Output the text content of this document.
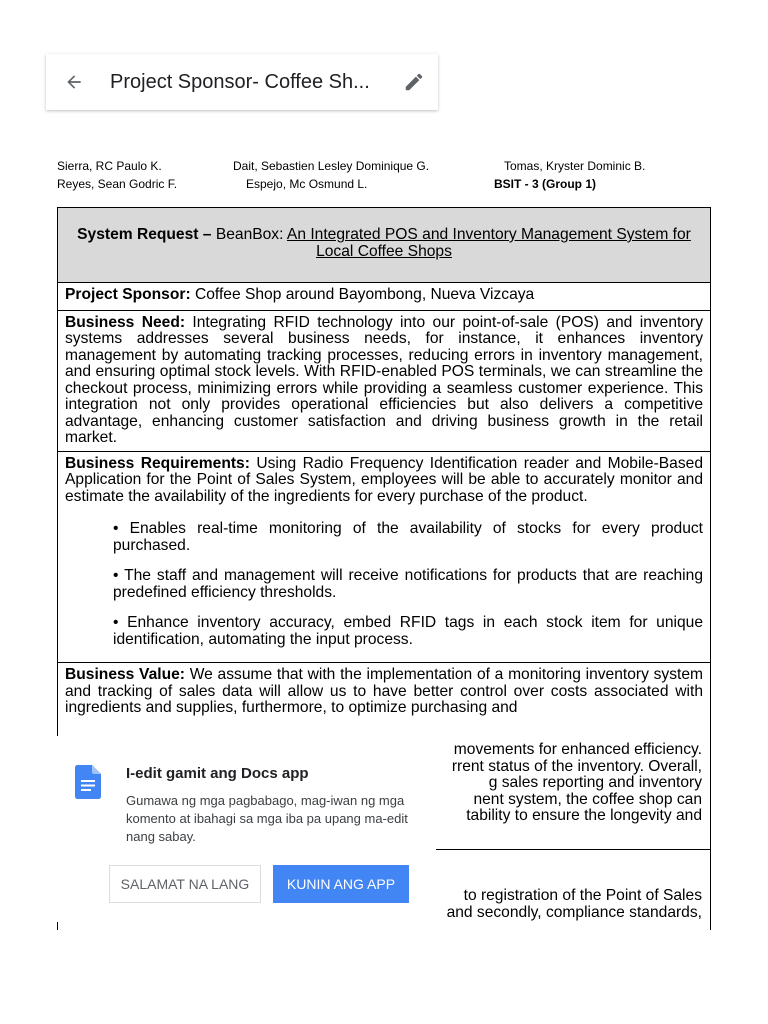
Project Sponsor- Coffee Sh...
Sierra, RC Paulo K.	Dait, Sebastien Lesley Dominique G.	Tomas, Kryster Dominic B.
Reyes, Sean Godric F.	Espejo, Mc Osmund L.	BSIT - 3 (Group 1)
System Request – BeanBox: An Integrated POS and Inventory Management System for Local Coffee Shops
Project Sponsor: Coffee Shop around Bayombong, Nueva Vizcaya
Business Need: Integrating RFID technology into our point-of-sale (POS) and inventory systems addresses several business needs, for instance, it enhances inventory management by automating tracking processes, reducing errors in inventory management, and ensuring optimal stock levels. With RFID-enabled POS terminals, we can streamline the checkout process, minimizing errors while providing a seamless customer experience. This integration not only provides operational efficiencies but also delivers a competitive advantage, enhancing customer satisfaction and driving business growth in the retail market.
Business Requirements: Using Radio Frequency Identification reader and Mobile-Based Application for the Point of Sales System, employees will be able to accurately monitor and estimate the availability of the ingredients for every purchase of the product.

• Enables real-time monitoring of the availability of stocks for every product purchased.

• The staff and management will receive notifications for products that are reaching predefined efficiency thresholds.

• Enhance inventory accuracy, embed RFID tags in each stock item for unique identification, automating the input process.

Business Value: We assume that with the implementation of a monitoring inventory system and tracking of sales data will allow us to have better control over costs associated with ingredients and supplies, furthermore, to optimize purchasing and
movements for enhanced efficiency.
rrent status of the inventory. Overall,
g sales reporting and inventory
nent system, the coffee shop can
tability to ensure the longevity and
to registration of the Point of Sales
and secondly, compliance standards,
I-edit gamit ang Docs app
Gumawa ng mga pagbabago, mag-iwan ng mga komento at ibahagi sa mga iba pa upang ma-edit nang sabay.
SALAMAT NA LANG	KUNIN ANG APP
